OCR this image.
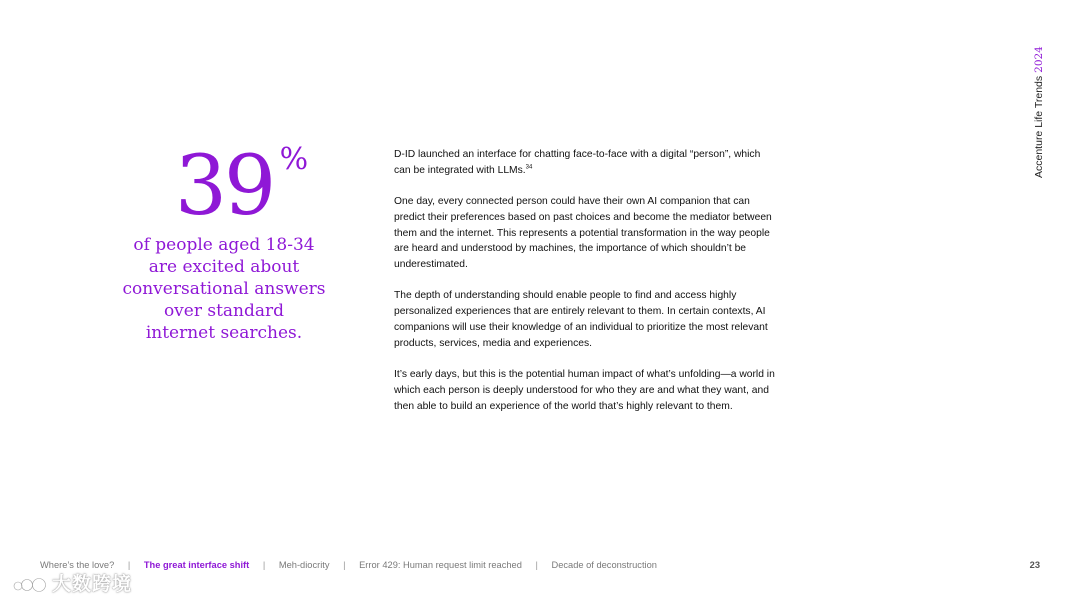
39 %
of people aged 18-34
are excited about
conversational answers
over standard
internet searches.

D-ID launched an interface for chatting face-to-face with a digital “person”, which can be integrated with LLMs.$^{34}$

One day, every connected person could have their own AI companion that can predict their preferences based on past choices and become the mediator between them and the internet. This represents a potential transformation in the way people are heard and understood by machines, the importance of which shouldn’t be underestimated.

The depth of understanding should enable people to find and access highly personalized experiences that are entirely relevant to them. In certain contexts, AI companions will use their knowledge of an individual to prioritize the most relevant products, services, media and experiences.

It’s early days, but this is the potential human impact of what’s unfolding—a world in which each person is deeply understood for who they are and what they want, and then able to build an experience of the world that’s highly relevant to them.

Accenture Life Trends2024
Where’s the love? | The great interface shift | Meh-diocrity | Error 429: Human request limit reached | Decade of deconstruction	23
大数跨境
